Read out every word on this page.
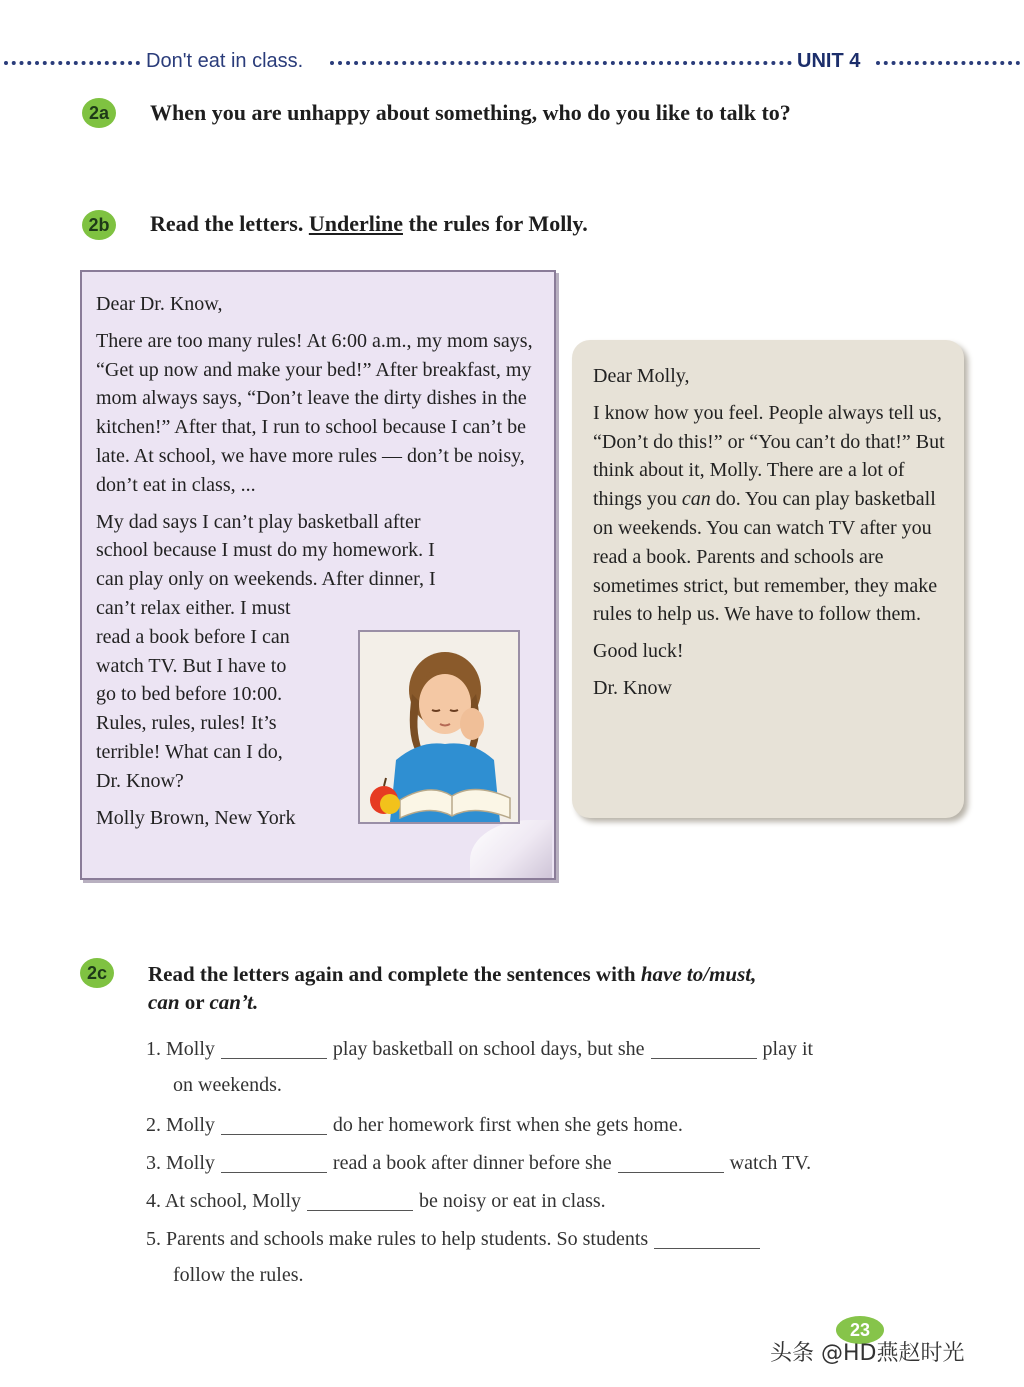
Don't eat in class.	UNIT 4
2a	When you are unhappy about something, who do you like to talk to?
2b Read the letters. Underline the rules for Molly.

Dear Dr. Know,

There are too many rules! At 6:00 a.m., my mom says, “Get up now and make your bed!” After breakfast, my mom always says, “Don’t leave the dirty dishes in the kitchen!” After that, I run to school because I can’t be late. At school, we have more rules — don’t be noisy, don’t eat in class, ...

My dad says I can’t play basketball after
school because I must do my homework. I
can play only on weekends. After dinner, I
can’t relax either. I must
read a book before I can
watch TV. But I have to
go to bed before 10:00.
Rules, rules, rules! It’s
terrible! What can I do,
Dr. Know?

Molly Brown, New York

Dear Molly,

I know how you feel. People always tell us, “Don’t do this!” or “You can’t do that!” But think about it, Molly. There are a lot of things you can do. You can play basketball on weekends. You can watch TV after you read a book. Parents and schools are sometimes strict, but remember, they make rules to help us. We have to follow them.

Good luck!

Dr. Know

2c	Read the letters again and complete the sentences with have to/must,
can or can’t.
1. Molly	play basketball on school days, but she	play it
on weekends.
2. Molly	do her homework first when she gets home.
3. Molly	read a book after dinner before she	watch TV.
4. At school, Molly	be noisy or eat in class.
5. Parents and schools make rules to help students. So students
follow the rules.
23
头条 @HD燕赵时光
